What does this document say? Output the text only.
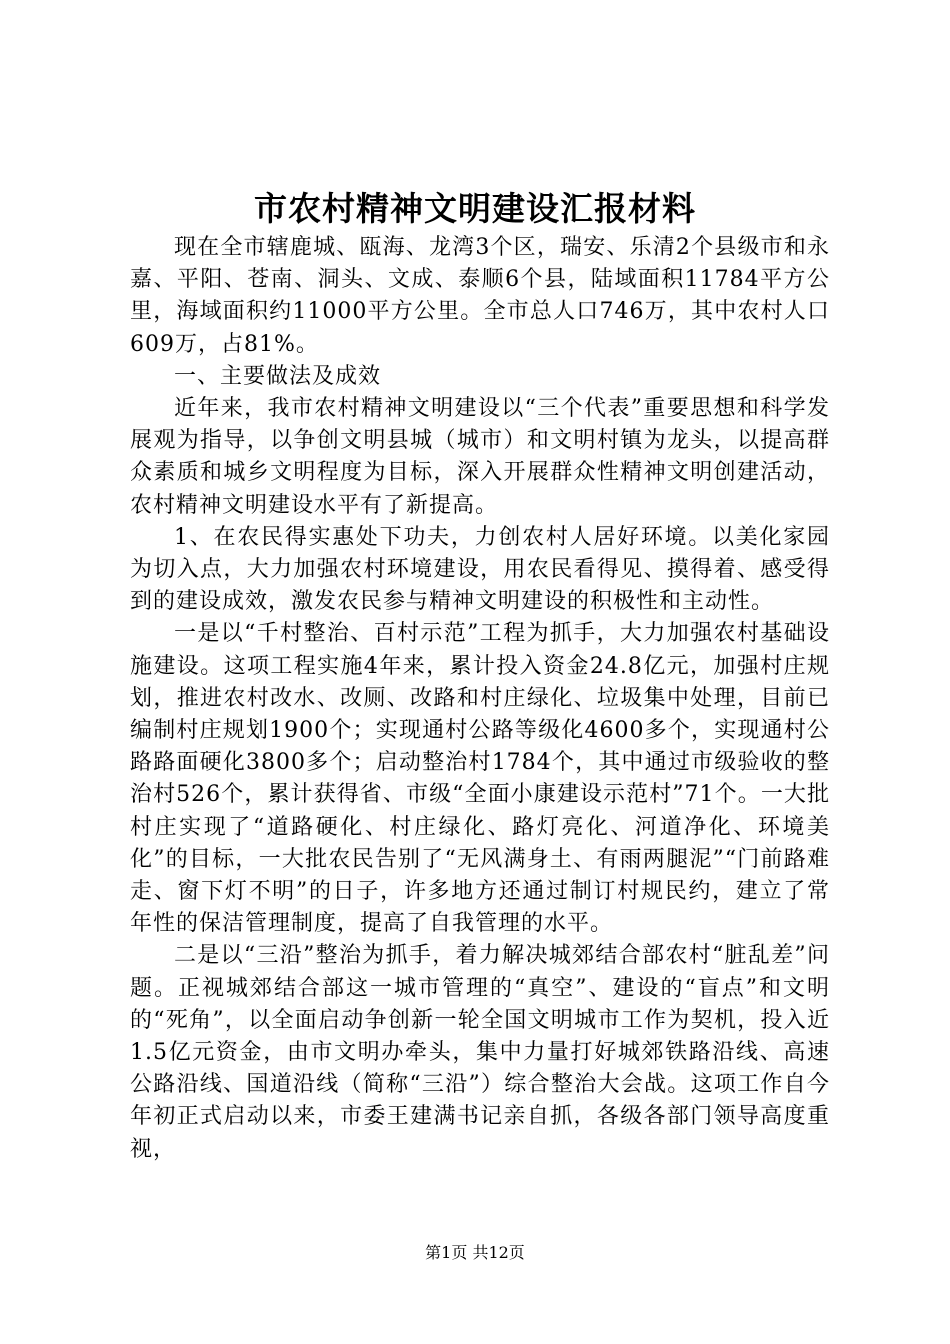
市农村精神文明建设汇报材料

现在全市辖鹿城、瓯海、龙湾3个区，瑞安、乐清2个县级市和永嘉、平阳、苍南、洞头、文成、泰顺6个县，陆域面积11784平方公里，海域面积约11000平方公里。全市总人口746万，其中农村人口609万，占81%。

一、主要做法及成效

近年来，我市农村精神文明建设以“三个代表”重要思想和科学发展观为指导，以争创文明县城（城市）和文明村镇为龙头，以提高群众素质和城乡文明程度为目标，深入开展群众性精神文明创建活动，农村精神文明建设水平有了新提高。

1、在农民得实惠处下功夫，力创农村人居好环境。以美化家园为切入点，大力加强农村环境建设，用农民看得见、摸得着、感受得到的建设成效，激发农民参与精神文明建设的积极性和主动性。

一是以“千村整治、百村示范”工程为抓手，大力加强农村基础设施建设。这项工程实施4年来，累计投入资金24.8亿元，加强村庄规划，推进农村改水、改厕、改路和村庄绿化、垃圾集中处理，目前已编制村庄规划1900个；实现通村公路等级化4600多个，实现通村公路路面硬化3800多个；启动整治村1784个，其中通过市级验收的整治村526个，累计获得省、市级“全面小康建设示范村”71个。一大批村庄实现了“道路硬化、村庄绿化、路灯亮化、河道净化、环境美化”的目标，一大批农民告别了“无风满身土、有雨两腿泥”“门前路难走、窗下灯不明”的日子，许多地方还通过制订村规民约，建立了常年性的保洁管理制度，提高了自我管理的水平。

二是以“三沿”整治为抓手，着力解决城郊结合部农村“脏乱差”问题。正视城郊结合部这一城市管理的“真空”、建设的“盲点”和文明的“死角”，以全面启动争创新一轮全国文明城市工作为契机，投入近1.5亿元资金，由市文明办牵头，集中力量打好城郊铁路沿线、高速公路沿线、国道沿线（简称“三沿”）综合整治大会战。这项工作自今年初正式启动以来，市委王建满书记亲自抓，各级各部门领导高度重视，

第1页 共12页
